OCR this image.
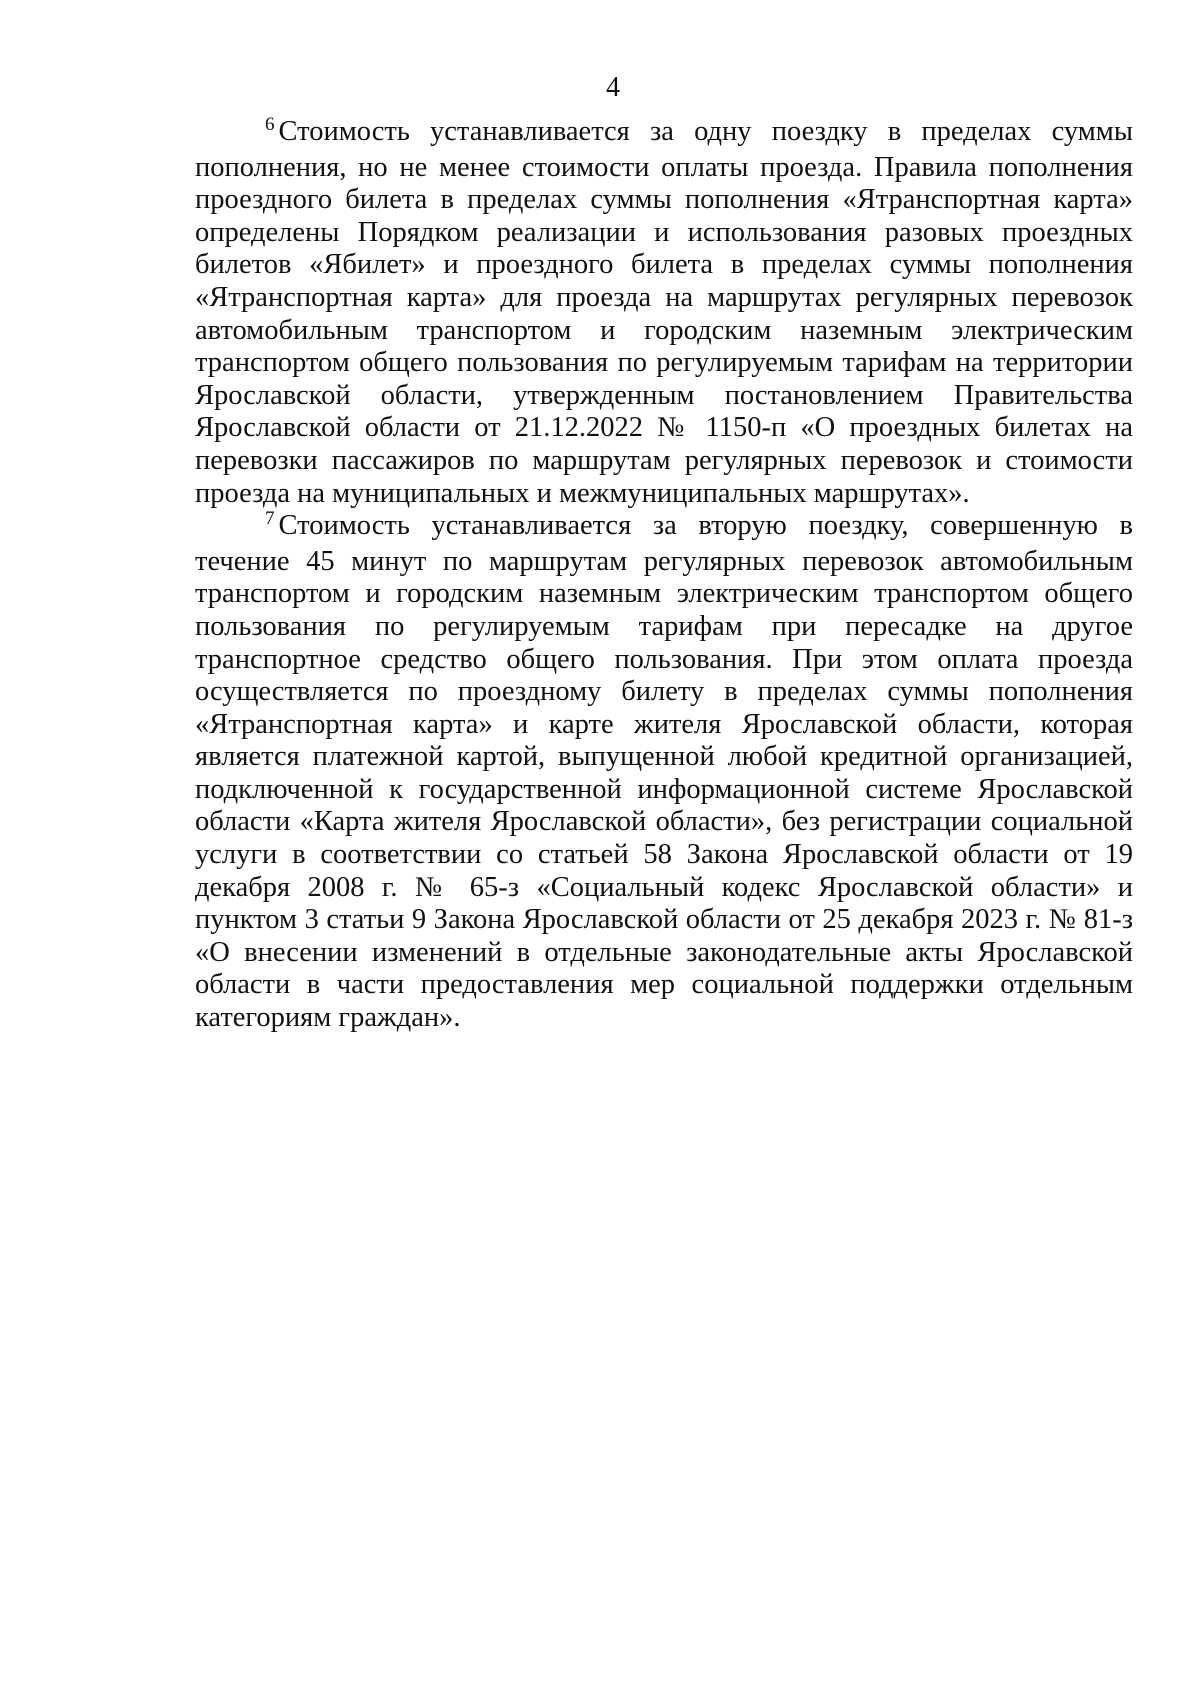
4

$^6$ Стоимость устанавливается за одну поездку в пределах суммы пополнения, но не менее стоимости оплаты проезда. Правила пополнения проездного билета в пределах суммы пополнения «Ятранспортная карта» определены Порядком реализации и использования разовых проездных билетов «Ябилет» и проездного билета в пределах суммы пополнения «Ятранспортная карта» для проезда на маршрутах регулярных перевозок автомобильным транспортом и городским наземным электрическим транспортом общего пользования по регулируемым тарифам на территории Ярославской области, утвержденным постановлением Правительства Ярославской области от 21.12.2022 № 1150-п «О проездных билетах на перевозки пассажиров по маршрутам регулярных перевозок и стоимости проезда на муниципальных и межмуниципальных маршрутах».

$^7$ Стоимость устанавливается за вторую поездку, совершенную в течение 45 минут по маршрутам регулярных перевозок автомобильным транспортом и городским наземным электрическим транспортом общего пользования по регулируемым тарифам при пересадке на другое транспортное средство общего пользования. При этом оплата проезда осуществляется по проездному билету в пределах суммы пополнения «Ятранспортная карта» и карте жителя Ярославской области, которая является платежной картой, выпущенной любой кредитной организацией, подключенной к государственной информационной системе Ярославской области «Карта жителя Ярославской области», без регистрации социальной услуги в соответствии со статьей 58 Закона Ярославской области от 19 декабря 2008 г. № 65-з «Социальный кодекс Ярославской области» и пунктом 3 статьи 9 Закона Ярославской области от 25 декабря 2023 г. № 81-з «О внесении изменений в отдельные законодательные акты Ярославской области в части предоставления мер социальной поддержки отдельным категориям граждан».
